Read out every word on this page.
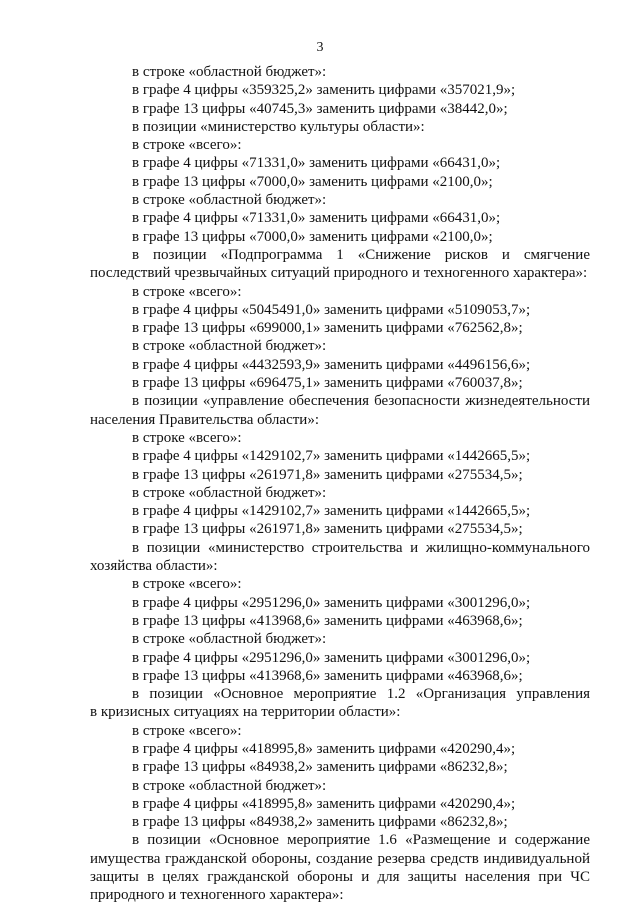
3
в строке «областной бюджет»:
в графе 4 цифры «359325,2» заменить цифрами «357021,9»;
в графе 13 цифры «40745,3» заменить цифрами «38442,0»;
в позиции «министерство культуры области»:
в строке «всего»:
в графе 4 цифры «71331,0» заменить цифрами «66431,0»;
в графе 13 цифры «7000,0» заменить цифрами «2100,0»;
в строке «областной бюджет»:
в графе 4 цифры «71331,0» заменить цифрами «66431,0»;
в графе 13 цифры «7000,0» заменить цифрами «2100,0»;
в позиции «Подпрограмма 1 «Снижение рисков и смягчение
последствий чрезвычайных ситуаций природного и техногенного характера»:
в строке «всего»:
в графе 4 цифры «5045491,0» заменить цифрами «5109053,7»;
в графе 13 цифры «699000,1» заменить цифрами «762562,8»;
в строке «областной бюджет»:
в графе 4 цифры «4432593,9» заменить цифрами «4496156,6»;
в графе 13 цифры «696475,1» заменить цифрами «760037,8»;
в позиции «управление обеспечения безопасности жизнедеятельности
населения Правительства области»:
в строке «всего»:
в графе 4 цифры «1429102,7» заменить цифрами «1442665,5»;
в графе 13 цифры «261971,8» заменить цифрами «275534,5»;
в строке «областной бюджет»:
в графе 4 цифры «1429102,7» заменить цифрами «1442665,5»;
в графе 13 цифры «261971,8» заменить цифрами «275534,5»;
в позиции «министерство строительства и жилищно-коммунального
хозяйства области»:
в строке «всего»:
в графе 4 цифры «2951296,0» заменить цифрами «3001296,0»;
в графе 13 цифры «413968,6» заменить цифрами «463968,6»;
в строке «областной бюджет»:
в графе 4 цифры «2951296,0» заменить цифрами «3001296,0»;
в графе 13 цифры «413968,6» заменить цифрами «463968,6»;
в позиции «Основное мероприятие 1.2 «Организация управления
в кризисных ситуациях на территории области»:
в строке «всего»:
в графе 4 цифры «418995,8» заменить цифрами «420290,4»;
в графе 13 цифры «84938,2» заменить цифрами «86232,8»;
в строке «областной бюджет»:
в графе 4 цифры «418995,8» заменить цифрами «420290,4»;
в графе 13 цифры «84938,2» заменить цифрами «86232,8»;
в позиции «Основное мероприятие 1.6 «Размещение и содержание
имущества гражданской обороны, создание резерва средств индивидуальной
защиты в целях гражданской обороны и для защиты населения при ЧС
природного и техногенного характера»:
